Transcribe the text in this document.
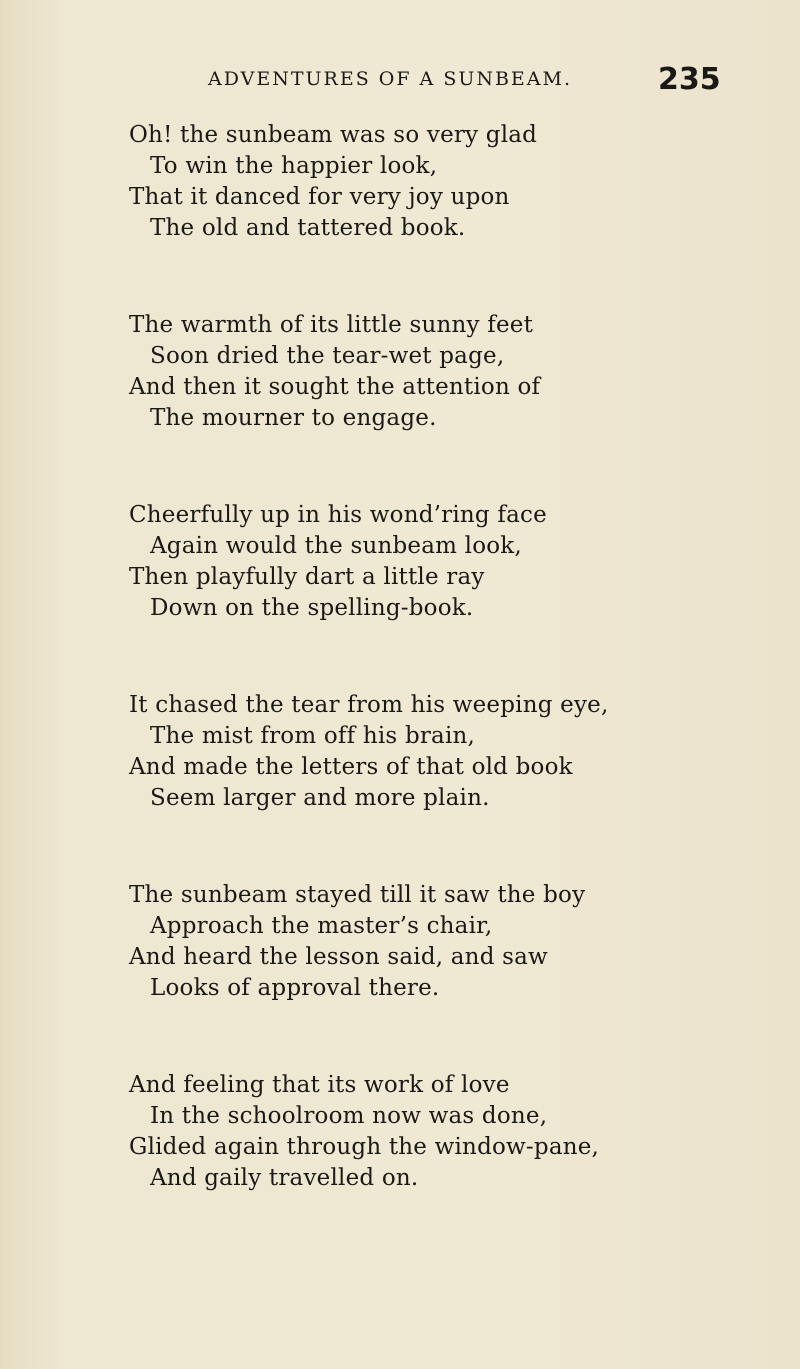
ADVENTURES OF A SUNBEAM.	235
Oh! the sunbeam was so very glad
To win the happier look,
That it danced for very joy upon
The old and tattered book.
The warmth of its little sunny feet
Soon dried the tear-wet page,
And then it sought the attention of
The mourner to engage.
Cheerfully up in his wond’ring face
Again would the sunbeam look,
Then playfully dart a little ray
Down on the spelling-book.
It chased the tear from his weeping eye,
The mist from off his brain,
And made the letters of that old book
Seem larger and more plain.
The sunbeam stayed till it saw the boy
Approach the master’s chair,
And heard the lesson said, and saw
Looks of approval there.
And feeling that its work of love
In the schoolroom now was done,
Glided again through the window-pane,
And gaily travelled on.
